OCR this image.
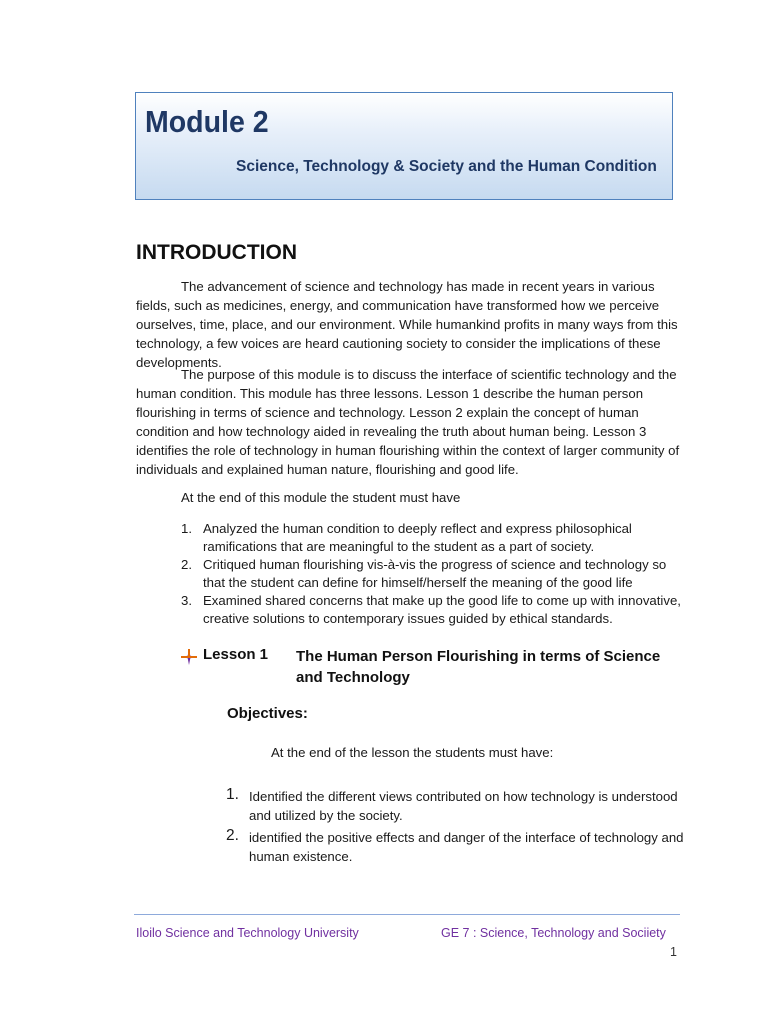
Module 2
Science, Technology & Society and the Human Condition
INTRODUCTION
The advancement of science and technology has made in recent years in various fields, such as medicines, energy, and communication have transformed how we perceive ourselves, time, place, and our environment. While humankind profits in many ways from this technology, a few voices are heard cautioning society to consider the implications of these developments.
The purpose of this module is to discuss the interface of scientific technology and the human condition. This module has three lessons. Lesson 1 describe the human person flourishing in terms of science and technology. Lesson 2 explain the concept of human condition and how technology aided in revealing the truth about human being. Lesson 3 identifies the role of technology in human flourishing within the context of larger community of individuals and explained human nature, flourishing and good life.
At the end of this module the student must have
1. Analyzed the human condition to deeply reflect and express philosophical ramifications that are meaningful to the student as a part of society.
2. Critiqued human flourishing vis-à-vis the progress of science and technology so that the student can define for himself/herself the meaning of the good life
3. Examined shared concerns that make up the good life to come up with innovative, creative solutions to contemporary issues guided by ethical standards.
Lesson 1 The Human Person Flourishing in terms of Science and Technology
Objectives:
At the end of the lesson the students must have:
1. Identified the different views contributed on how technology is understood and utilized by the society.
2. identified the positive effects and danger of the interface of technology and human existence.
Iloilo Science and Technology University	GE 7 : Science, Technology and Sociiety
1
